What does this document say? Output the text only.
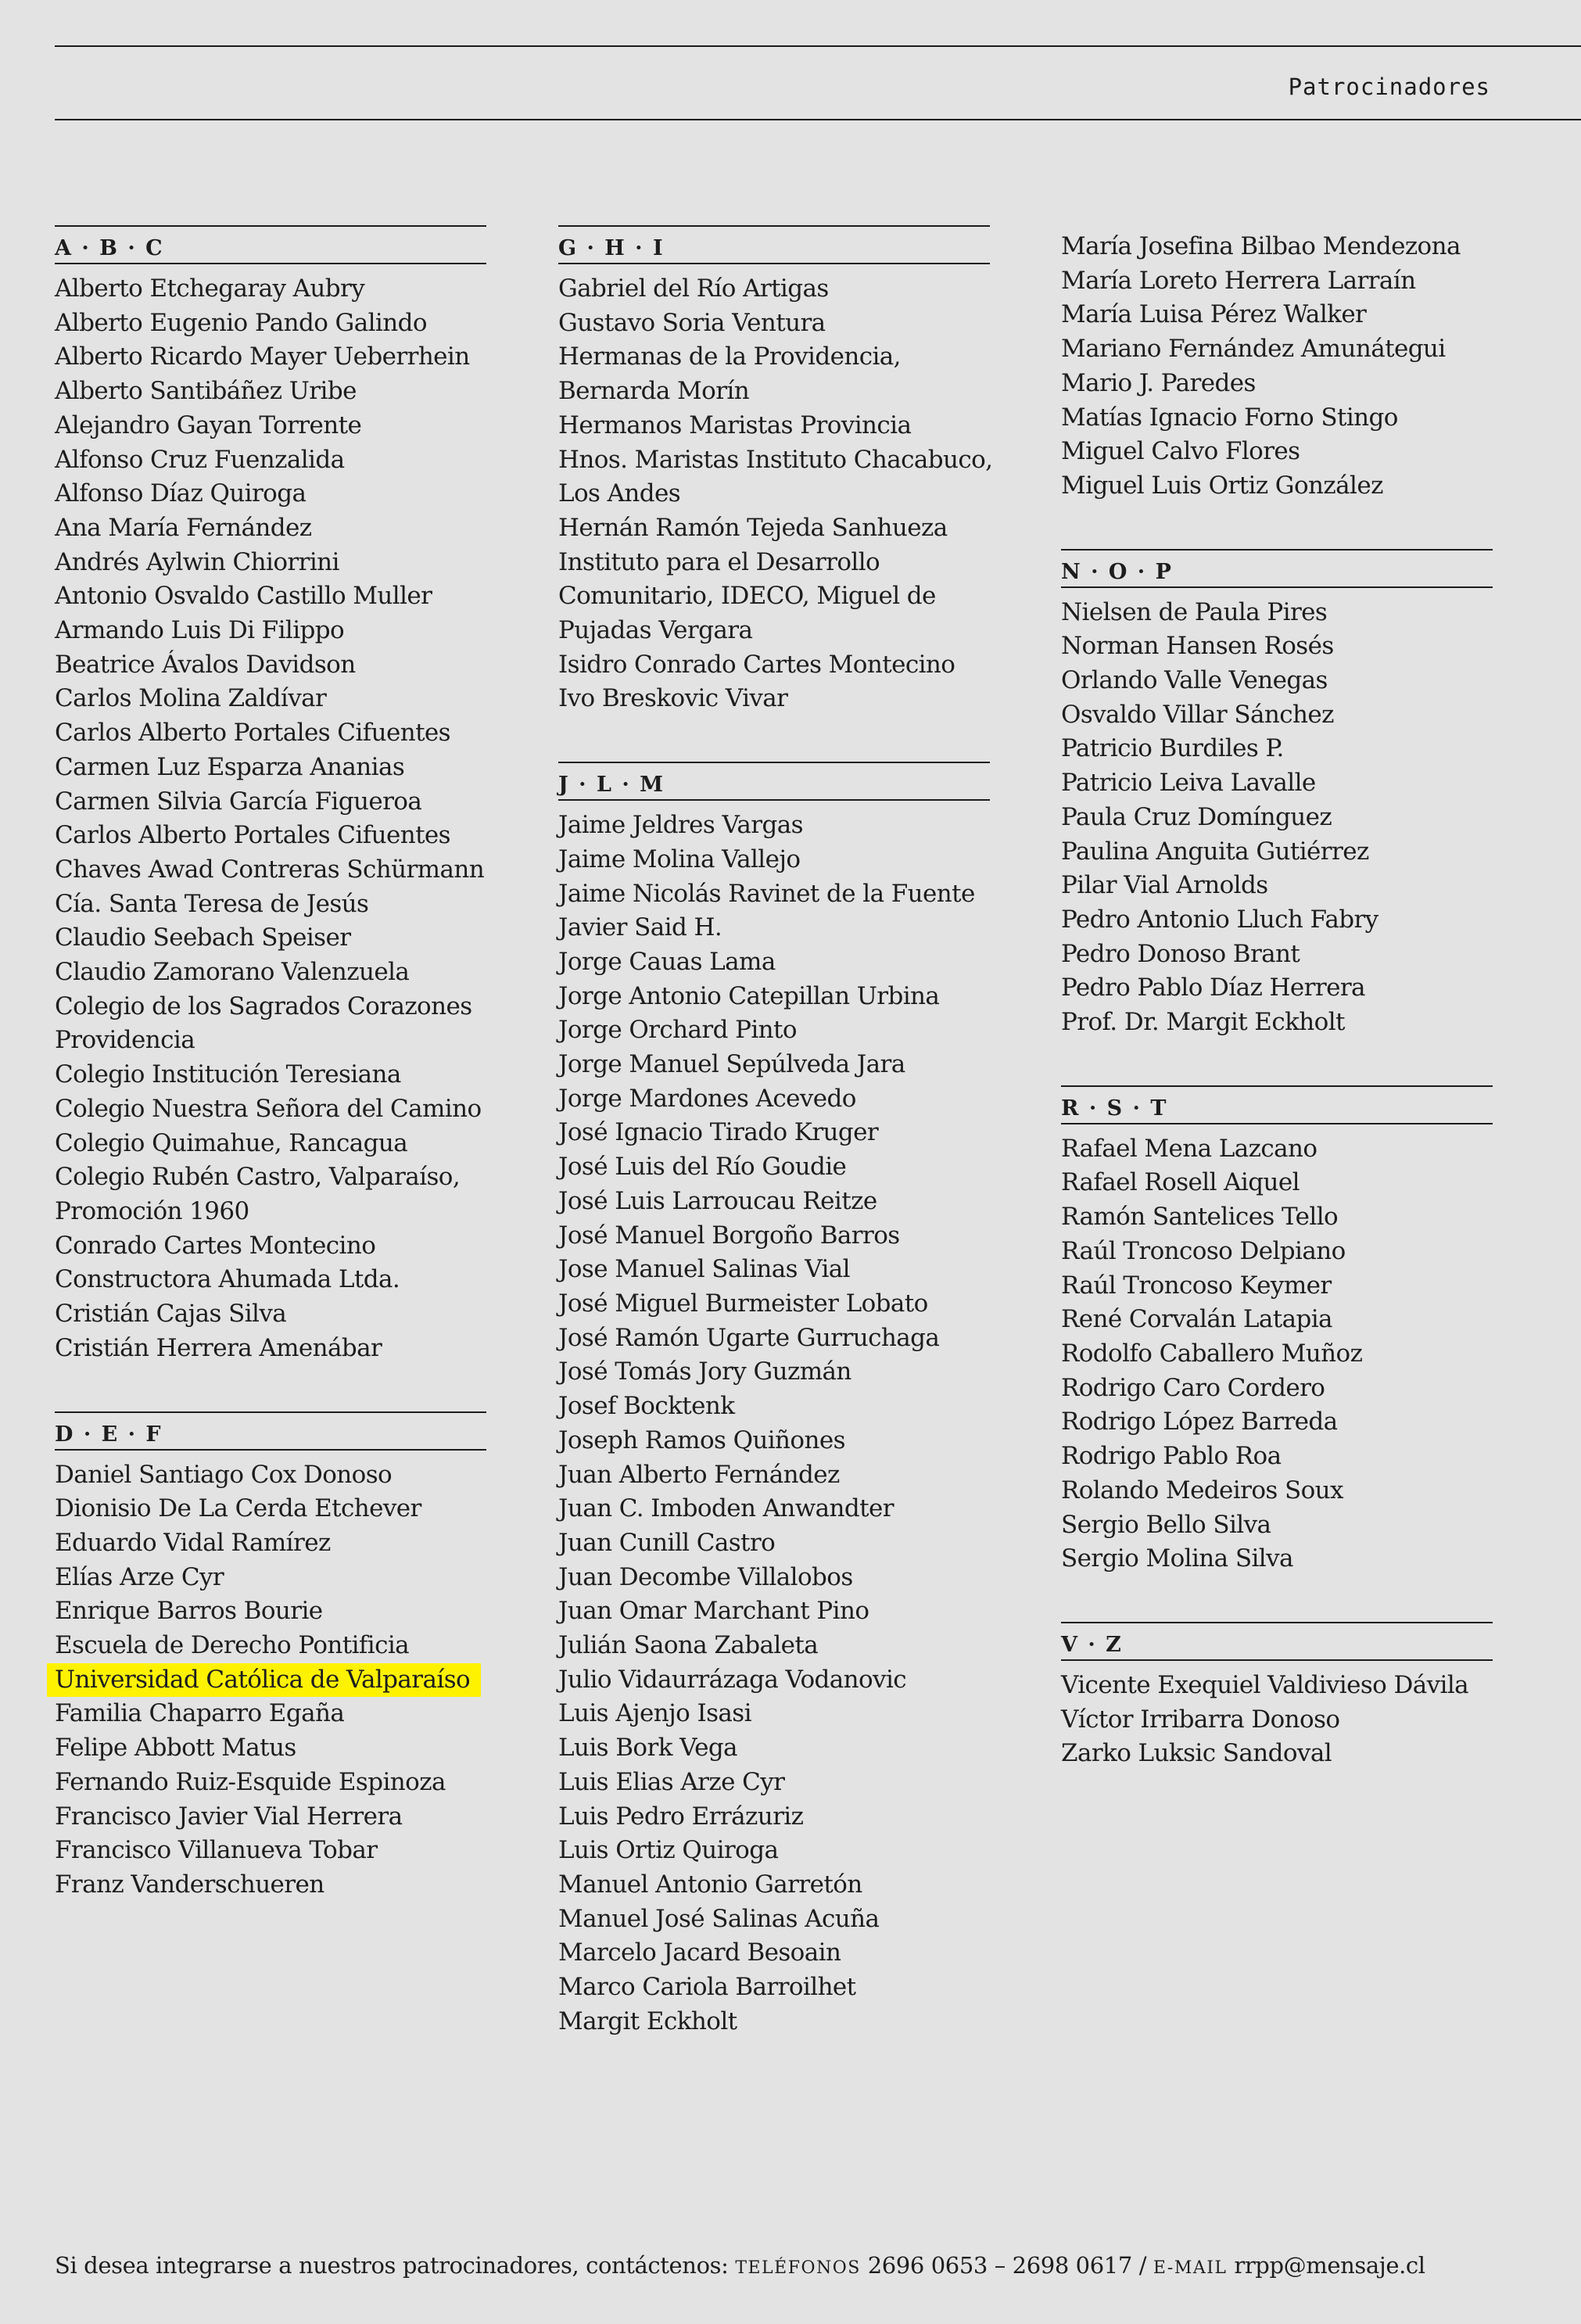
Patrocinadores
A · B · C
Alberto Etchegaray Aubry
Alberto Eugenio Pando Galindo
Alberto Ricardo Mayer Ueberrhein
Alberto Santibáñez Uribe
Alejandro Gayan Torrente
Alfonso Cruz Fuenzalida
Alfonso Díaz Quiroga
Ana María Fernández
Andrés Aylwin Chiorrini
Antonio Osvaldo Castillo Muller
Armando Luis Di Filippo
Beatrice Ávalos Davidson
Carlos Molina Zaldívar
Carlos Alberto Portales Cifuentes
Carmen Luz Esparza Ananias
Carmen Silvia García Figueroa
Carlos Alberto Portales Cifuentes
Chaves Awad Contreras Schürmann
Cía. Santa Teresa de Jesús
Claudio Seebach Speiser
Claudio Zamorano Valenzuela
Colegio de los Sagrados Corazones
Providencia
Colegio Institución Teresiana
Colegio Nuestra Señora del Camino
Colegio Quimahue, Rancagua
Colegio Rubén Castro, Valparaíso,
Promoción 1960
Conrado Cartes Montecino
Constructora Ahumada Ltda.
Cristián Cajas Silva
Cristián Herrera Amenábar
D · E · F
Daniel Santiago Cox Donoso
Dionisio De La Cerda Etchever
Eduardo Vidal Ramírez
Elías Arze Cyr
Enrique Barros Bourie
Escuela de Derecho Pontificia
Universidad Católica de Valparaíso
Familia Chaparro Egaña
Felipe Abbott Matus
Fernando Ruiz-Esquide Espinoza
Francisco Javier Vial Herrera
Francisco Villanueva Tobar
Franz Vanderschueren
G · H · I
Gabriel del Río Artigas
Gustavo Soria Ventura
Hermanas de la Providencia,
Bernarda Morín
Hermanos Maristas Provincia
Hnos. Maristas Instituto Chacabuco,
Los Andes
Hernán Ramón Tejeda Sanhueza
Instituto para el Desarrollo
Comunitario, IDECO, Miguel de
Pujadas Vergara
Isidro Conrado Cartes Montecino
Ivo Breskovic Vivar
J · L · M
Jaime Jeldres Vargas
Jaime Molina Vallejo
Jaime Nicolás Ravinet de la Fuente
Javier Said H.
Jorge Cauas Lama
Jorge Antonio Catepillan Urbina
Jorge Orchard Pinto
Jorge Manuel Sepúlveda Jara
Jorge Mardones Acevedo
José Ignacio Tirado Kruger
José Luis del Río Goudie
José Luis Larroucau Reitze
José Manuel Borgoño Barros
Jose Manuel Salinas Vial
José Miguel Burmeister Lobato
José Ramón Ugarte Gurruchaga
José Tomás Jory Guzmán
Josef Bocktenk
Joseph Ramos Quiñones
Juan Alberto Fernández
Juan C. Imboden Anwandter
Juan Cunill Castro
Juan Decombe Villalobos
Juan Omar Marchant Pino
Julián Saona Zabaleta
Julio Vidaurrázaga Vodanovic
Luis Ajenjo Isasi
Luis Bork Vega
Luis Elias Arze Cyr
Luis Pedro Errázuriz
Luis Ortiz Quiroga
Manuel Antonio Garretón
Manuel José Salinas Acuña
Marcelo Jacard Besoain
Marco Cariola Barroilhet
Margit Eckholt
María Josefina Bilbao Mendezona
María Loreto Herrera Larraín
María Luisa Pérez Walker
Mariano Fernández Amunátegui
Mario J. Paredes
Matías Ignacio Forno Stingo
Miguel Calvo Flores
Miguel Luis Ortiz González
N · O · P
Nielsen de Paula Pires
Norman Hansen Rosés
Orlando Valle Venegas
Osvaldo Villar Sánchez
Patricio Burdiles P.
Patricio Leiva Lavalle
Paula Cruz Domínguez
Paulina Anguita Gutiérrez
Pilar Vial Arnolds
Pedro Antonio Lluch Fabry
Pedro Donoso Brant
Pedro Pablo Díaz Herrera
Prof. Dr. Margit Eckholt
R · S · T
Rafael Mena Lazcano
Rafael Rosell Aiquel
Ramón Santelices Tello
Raúl Troncoso Delpiano
Raúl Troncoso Keymer
René Corvalán Latapia
Rodolfo Caballero Muñoz
Rodrigo Caro Cordero
Rodrigo López Barreda
Rodrigo Pablo Roa
Rolando Medeiros Soux
Sergio Bello Silva
Sergio Molina Silva
V · Z
Vicente Exequiel Valdivieso Dávila
Víctor Irribarra Donoso
Zarko Luksic Sandoval
Si desea integrarse a nuestros patrocinadores, contáctenos: TELÉFONOS 2696 0653 – 2698 0617 / E-MAIL rrpp@mensaje.cl
